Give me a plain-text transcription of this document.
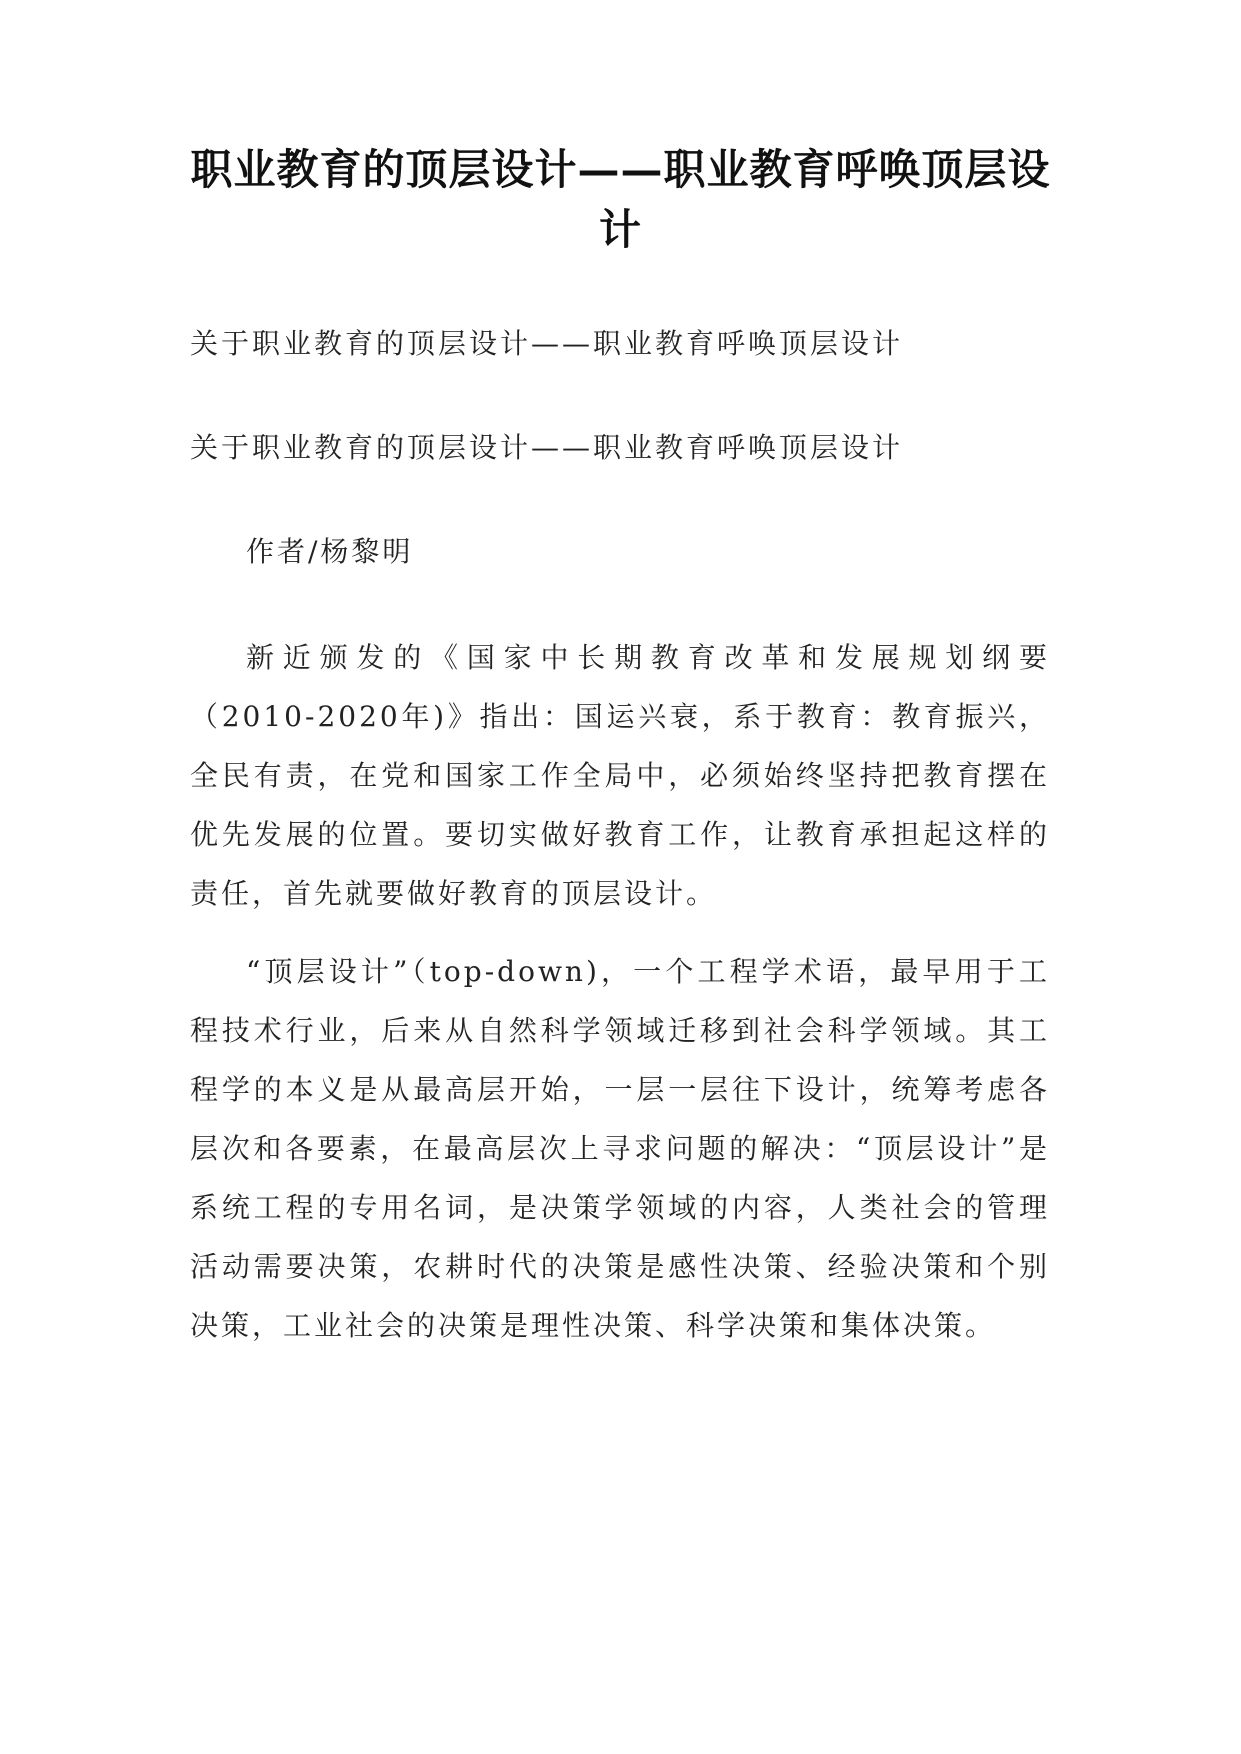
职业教育的顶层设计——职业教育呼唤顶层设计
关于职业教育的顶层设计——职业教育呼唤顶层设计
关于职业教育的顶层设计——职业教育呼唤顶层设计
作者/杨黎明
新近颁发的《国家中长期教育改革和发展规划纲要（2010-2020年)》指出：国运兴衰，系于教育：教育振兴，全民有责，在党和国家工作全局中，必须始终坚持把教育摆在优先发展的位置。要切实做好教育工作，让教育承担起这样的责任，首先就要做好教育的顶层设计。
“顶层设计”（top-down)，一个工程学术语，最早用于工程技术行业，后来从自然科学领域迁移到社会科学领域。其工程学的本义是从最高层开始，一层一层往下设计，统筹考虑各层次和各要素，在最高层次上寻求问题的解决：“顶层设计”是系统工程的专用名词，是决策学领域的内容，人类社会的管理活动需要决策，农耕时代的决策是感性决策、经验决策和个别决策，工业社会的决策是理性决策、科学决策和集体决策。
